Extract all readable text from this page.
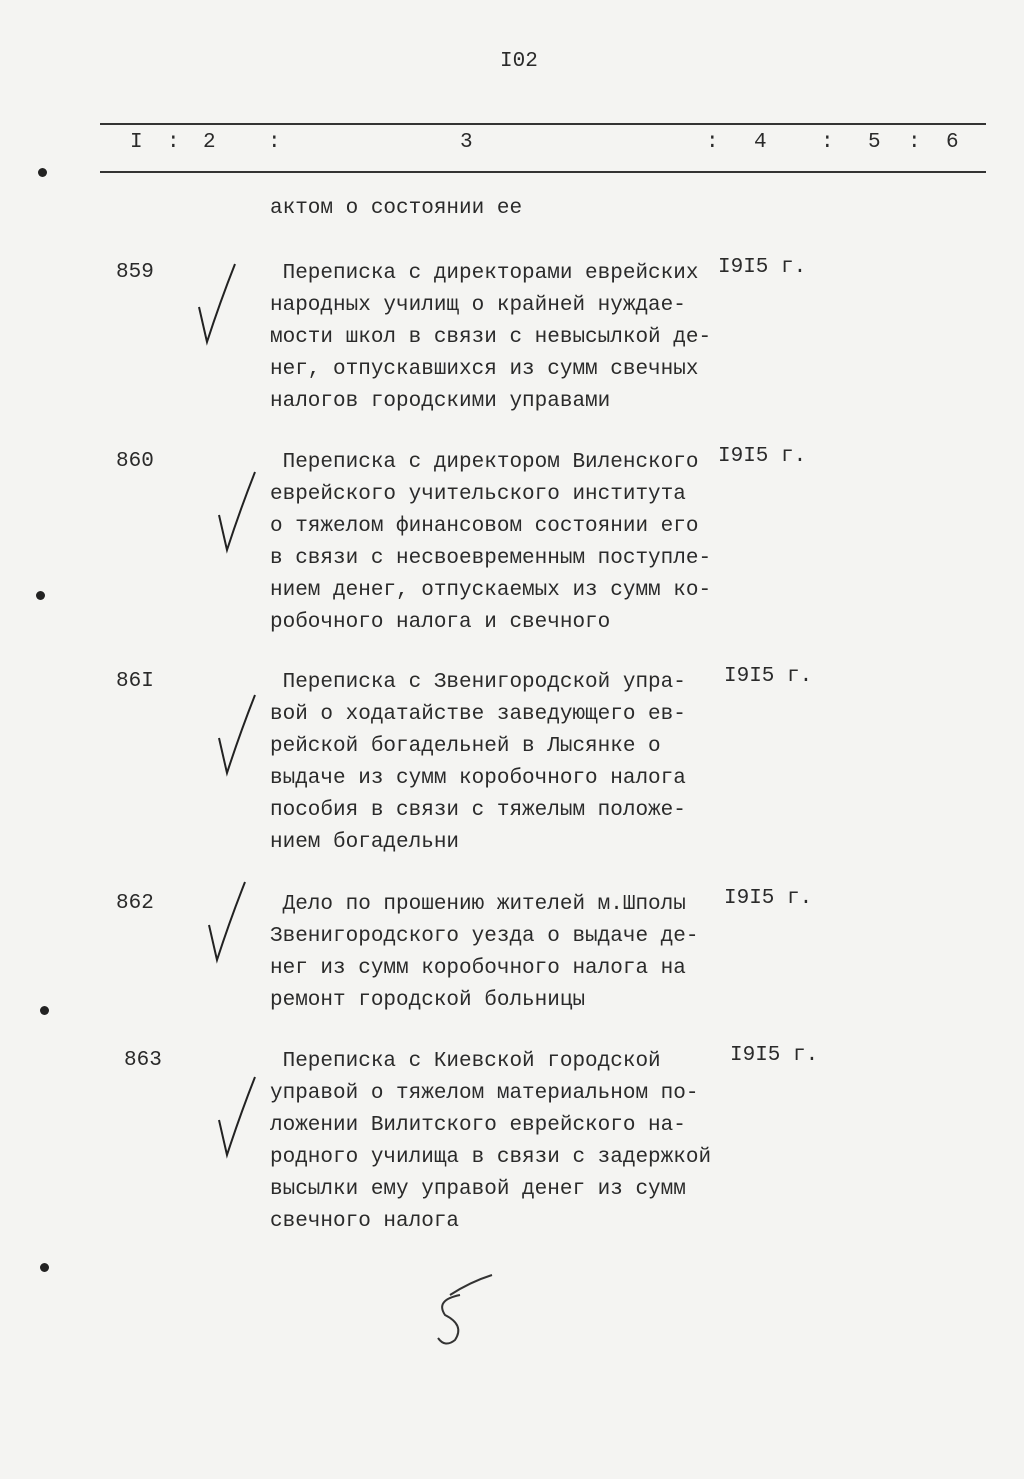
I02
I : 2 :	3	: 4	: 5 : 6
актом о состоянии ее
859	Переписка с директорами еврейских
народных училищ о крайней нуждае-
мости школ в связи с невысылкой де-
нег, отпускавшихся из сумм свечных
налогов городскими управами
I9I5 г.
860	Переписка с директором Виленского
еврейского учительского института
о тяжелом финансовом состоянии его
в связи с несвоевременным поступле-
нием денег, отпускаемых из сумм ко-
робочного налога и свечного
I9I5 г.
86I	Переписка с Звенигородской упра-
вой о ходатайстве заведующего ев-
рейской богадельней в Лысянке о
выдаче из сумм коробочного налога
пособия в связи с тяжелым положе-
нием богадельни
I9I5 г.
862	Дело по прошению жителей м.Шполы
Звенигородского уезда о выдаче де-
нег из сумм коробочного налога на
ремонт городской больницы
I9I5 г.
863	Переписка с Киевской городской
управой о тяжелом материальном по-
ложении Вилитского еврейского на-
родного училища в связи с задержкой
высылки ему управой денег из сумм
свечного налога
I9I5 г.
